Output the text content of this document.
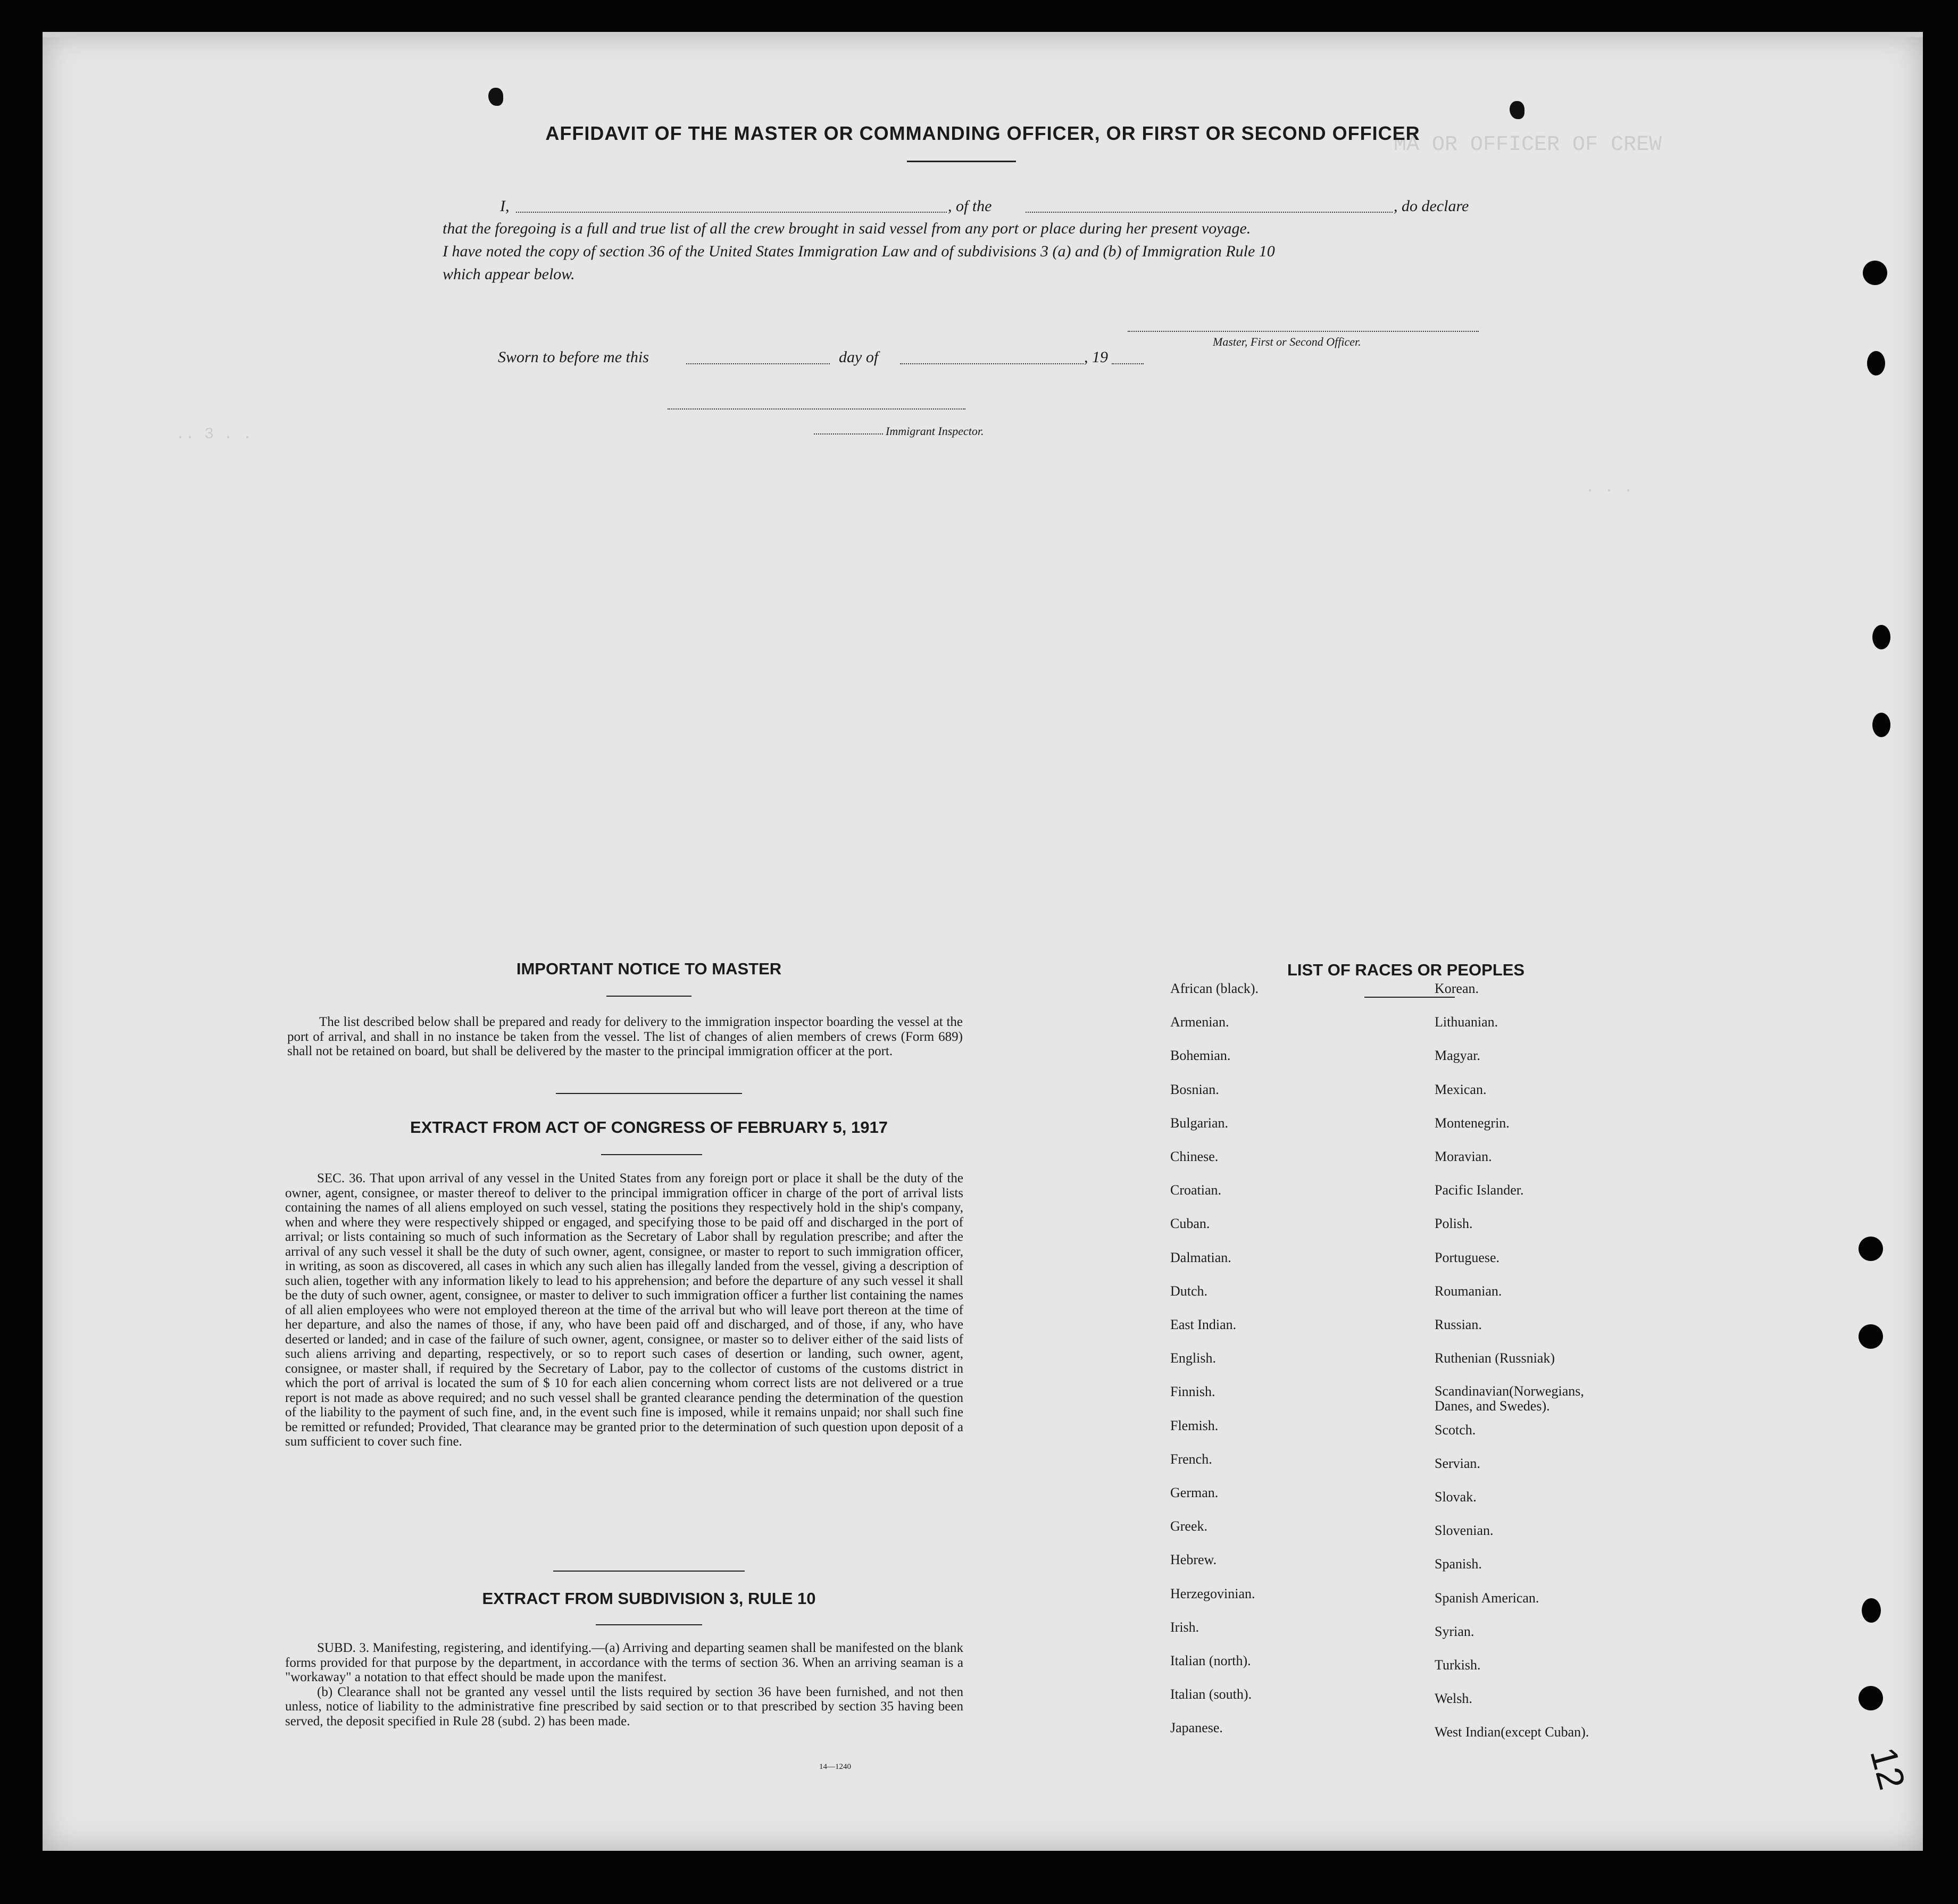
MA OR OFFICER OF CREW
.. 3 . .
. . .
AFFIDAVIT OF THE MASTER OR COMMANDING OFFICER, OR FIRST OR SECOND OFFICER
I,	, of the	, do declare
that the foregoing is a full and true list of all the crew brought in said vessel from any port or place during her present voyage.
I have noted the copy of section 36 of the United States Immigration Law and of subdivisions 3 (a) and (b) of Immigration Rule 10
which appear below.
Master, First or Second Officer.
Sworn to before me this	day of	, 19
Immigrant Inspector.
IMPORTANT NOTICE TO MASTER

The list described below shall be prepared and ready for delivery to the immigration inspector boarding the vessel at the port of arrival, and shall in no instance be taken from the vessel. The list of changes of alien members of crews (Form 689) shall not be retained on board, but shall be delivered by the master to the principal immigration officer at the port.

EXTRACT FROM ACT OF CONGRESS OF FEBRUARY 5, 1917

SEC. 36. That upon arrival of any vessel in the United States from any foreign port or place it shall be the duty of the owner, agent, consignee, or master thereof to deliver to the principal immigration officer in charge of the port of arrival lists containing the names of all aliens employed on such vessel, stating the positions they respectively hold in the ship's company, when and where they were respectively shipped or engaged, and specifying those to be paid off and discharged in the port of arrival; or lists containing so much of such information as the Secretary of Labor shall by regulation prescribe; and after the arrival of any such vessel it shall be the duty of such owner, agent, consignee, or master to report to such immigration officer, in writing, as soon as discovered, all cases in which any such alien has illegally landed from the vessel, giving a description of such alien, together with any information likely to lead to his apprehension; and before the departure of any such vessel it shall be the duty of such owner, agent, consignee, or master to deliver to such immigration officer a further list containing the names of all alien employees who were not employed thereon at the time of the arrival but who will leave port thereon at the time of her departure, and also the names of those, if any, who have been paid off and discharged, and of those, if any, who have deserted or landed; and in case of the failure of such owner, agent, consignee, or master so to deliver either of the said lists of such aliens arriving and departing, respectively, or so to report such cases of desertion or landing, such owner, agent, consignee, or master shall, if required by the Secretary of Labor, pay to the collector of customs of the customs district in which the port of arrival is located the sum of $ 10 for each alien concerning whom correct lists are not delivered or a true report is not made as above required; and no such vessel shall be granted clearance pending the determination of the question of the liability to the payment of such fine, and, in the event such fine is imposed, while it remains unpaid; nor shall such fine be remitted or refunded; Provided, That clearance may be granted prior to the determination of such question upon deposit of a sum sufficient to cover such fine.

EXTRACT FROM SUBDIVISION 3, RULE 10

SUBD. 3. Manifesting, registering, and identifying.—(a) Arriving and departing seamen shall be manifested on the blank forms provided for that purpose by the department, in accordance with the terms of section 36. When an arriving seaman is a "workaway" a notation to that effect should be made upon the manifest.

(b) Clearance shall not be granted any vessel until the lists required by section 36 have been furnished, and not then unless, notice of liability to the administrative fine prescribed by said section or to that prescribed by section 35 having been served, the deposit specified in Rule 28 (subd. 2) has been made.

14—1240
LIST OF RACES OR PEOPLES
African (black).
Armenian.
Bohemian.
Bosnian.
Bulgarian.
Chinese.
Croatian.
Cuban.
Dalmatian.
Dutch.
East Indian.
English.
Finnish.
Flemish.
French.
German.
Greek.
Hebrew.
Herzegovinian.
Irish.
Italian (north).
Italian (south).
Japanese.
Korean.
Lithuanian.
Magyar.
Mexican.
Montenegrin.
Moravian.
Pacific Islander.
Polish.
Portuguese.
Roumanian.
Russian.
Ruthenian (Russniak)
Scandinavian(Norwegians,
Danes, and Swedes).
Scotch.
Servian.
Slovak.
Slovenian.
Spanish.
Spanish American.
Syrian.
Turkish.
Welsh.
West Indian(except Cuban).
12
